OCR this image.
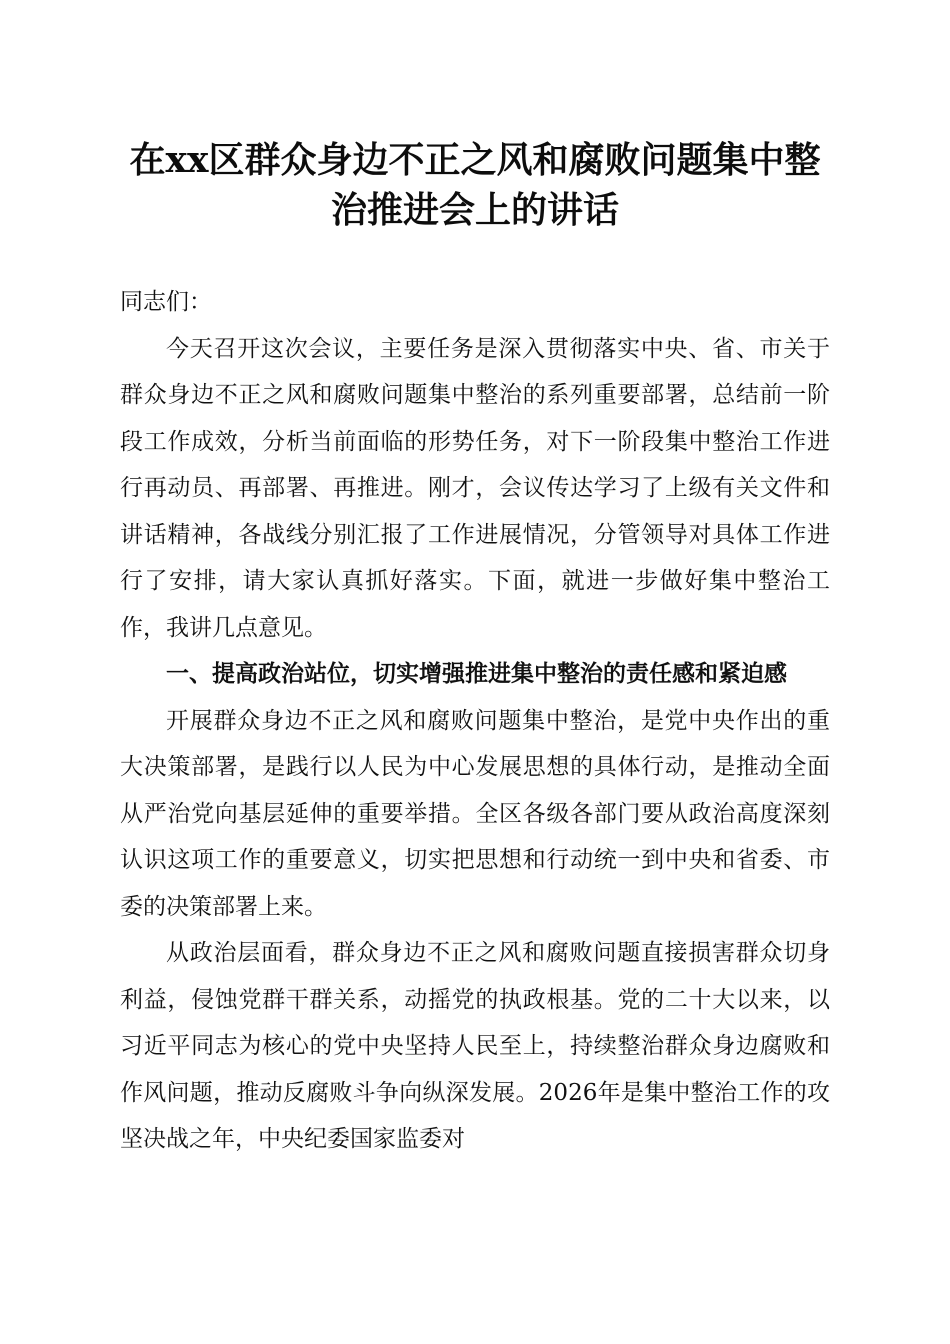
在xx区群众身边不正之风和腐败问题集中整
治推进会上的讲话

同志们：

今天召开这次会议，主要任务是深入贯彻落实中央、省、市关于群众身边不正之风和腐败问题集中整治的系列重要部署，总结前一阶段工作成效，分析当前面临的形势任务，对下一阶段集中整治工作进行再动员、再部署、再推进。刚才，会议传达学习了上级有关文件和讲话精神，各战线分别汇报了工作进展情况，分管领导对具体工作进行了安排，请大家认真抓好落实。下面，就进一步做好集中整治工作，我讲几点意见。

一、提高政治站位，切实增强推进集中整治的责任感和紧迫感

开展群众身边不正之风和腐败问题集中整治，是党中央作出的重大决策部署，是践行以人民为中心发展思想的具体行动，是推动全面从严治党向基层延伸的重要举措。全区各级各部门要从政治高度深刻认识这项工作的重要意义，切实把思想和行动统一到中央和省委、市委的决策部署上来。

从政治层面看，群众身边不正之风和腐败问题直接损害群众切身利益，侵蚀党群干群关系，动摇党的执政根基。党的二十大以来，以习近平同志为核心的党中央坚持人民至上，持续整治群众身边腐败和作风问题，推动反腐败斗争向纵深发展。2026年是集中整治工作的攻坚决战之年，中央纪委国家监委对
